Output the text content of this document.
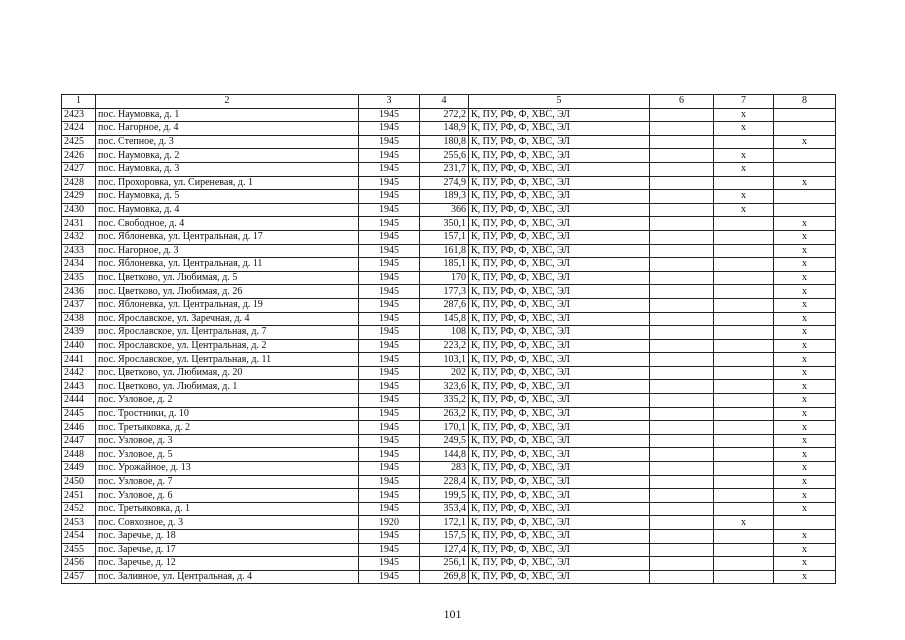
1	2	3	4	5	6	7	8
2423	пос. Наумовка, д. 1	1945	272,2	К, ПУ, РФ, Ф, ХВС, ЭЛ		x	
2424	пос. Нагорное, д. 4	1945	148,9	К, ПУ, РФ, Ф, ХВС, ЭЛ		x	
2425	пос. Степное, д. 3	1945	180,8	К, ПУ, РФ, Ф, ХВС, ЭЛ			x
2426	пос. Наумовка, д. 2	1945	255,6	К, ПУ, РФ, Ф, ХВС, ЭЛ		x	
2427	пос. Наумовка, д. 3	1945	231,7	К, ПУ, РФ, Ф, ХВС, ЭЛ		x	
2428	пос. Прохоровка, ул. Сиреневая, д. 1	1945	274,9	К, ПУ, РФ, Ф, ХВС, ЭЛ			x
2429	пос. Наумовка, д. 5	1945	189,3	К, ПУ, РФ, Ф, ХВС, ЭЛ		x	
2430	пос. Наумовка, д. 4	1945	366	К, ПУ, РФ, Ф, ХВС, ЭЛ		x	
2431	пос. Свободное, д. 4	1945	350,1	К, ПУ, РФ, Ф, ХВС, ЭЛ			x
2432	пос. Яблоневка, ул. Центральная, д. 17	1945	157,1	К, ПУ, РФ, Ф, ХВС, ЭЛ			x
2433	пос. Нагорное, д. 3	1945	161,8	К, ПУ, РФ, Ф, ХВС, ЭЛ			x
2434	пос. Яблоневка, ул. Центральная, д. 11	1945	185,1	К, ПУ, РФ, Ф, ХВС, ЭЛ			x
2435	пос. Цветково, ул. Любимая, д. 5	1945	170	К, ПУ, РФ, Ф, ХВС, ЭЛ			x
2436	пос. Цветково, ул. Любимая, д. 26	1945	177,3	К, ПУ, РФ, Ф, ХВС, ЭЛ			x
2437	пос. Яблоневка, ул. Центральная, д. 19	1945	287,6	К, ПУ, РФ, Ф, ХВС, ЭЛ			x
2438	пос. Ярославское, ул. Заречная, д. 4	1945	145,8	К, ПУ, РФ, Ф, ХВС, ЭЛ			x
2439	пос. Ярославское, ул. Центральная, д. 7	1945	108	К, ПУ, РФ, Ф, ХВС, ЭЛ			x
2440	пос. Ярославское, ул. Центральная, д. 2	1945	223,2	К, ПУ, РФ, Ф, ХВС, ЭЛ			x
2441	пос. Ярославское, ул. Центральная, д. 11	1945	103,1	К, ПУ, РФ, Ф, ХВС, ЭЛ			x
2442	пос. Цветково, ул. Любимая, д. 20	1945	202	К, ПУ, РФ, Ф, ХВС, ЭЛ			x
2443	пос. Цветково, ул. Любимая, д. 1	1945	323,6	К, ПУ, РФ, Ф, ХВС, ЭЛ			x
2444	пос. Узловое, д. 2	1945	335,2	К, ПУ, РФ, Ф, ХВС, ЭЛ			x
2445	пос. Тростники, д. 10	1945	263,2	К, ПУ, РФ, Ф, ХВС, ЭЛ			x
2446	пос. Третьяковка, д. 2	1945	170,1	К, ПУ, РФ, Ф, ХВС, ЭЛ			x
2447	пос. Узловое, д. 3	1945	249,5	К, ПУ, РФ, Ф, ХВС, ЭЛ			x
2448	пос. Узловое, д. 5	1945	144,8	К, ПУ, РФ, Ф, ХВС, ЭЛ			x
2449	пос. Урожайное, д. 13	1945	283	К, ПУ, РФ, Ф, ХВС, ЭЛ			x
2450	пос. Узловое, д. 7	1945	228,4	К, ПУ, РФ, Ф, ХВС, ЭЛ			x
2451	пос. Узловое, д. 6	1945	199,5	К, ПУ, РФ, Ф, ХВС, ЭЛ			x
2452	пос. Третьяковка, д. 1	1945	353,4	К, ПУ, РФ, Ф, ХВС, ЭЛ			x
2453	пос. Совхозное, д. 3	1920	172,1	К, ПУ, РФ, Ф, ХВС, ЭЛ		x	
2454	пос. Заречье, д. 18	1945	157,5	К, ПУ, РФ, Ф, ХВС, ЭЛ			x
2455	пос. Заречье, д. 17	1945	127,4	К, ПУ, РФ, Ф, ХВС, ЭЛ			x
2456	пос. Заречье, д. 12	1945	256,1	К, ПУ, РФ, Ф, ХВС, ЭЛ			x
2457	пос. Заливное, ул. Центральная, д. 4	1945	269,8	К, ПУ, РФ, Ф, ХВС, ЭЛ			x
101
